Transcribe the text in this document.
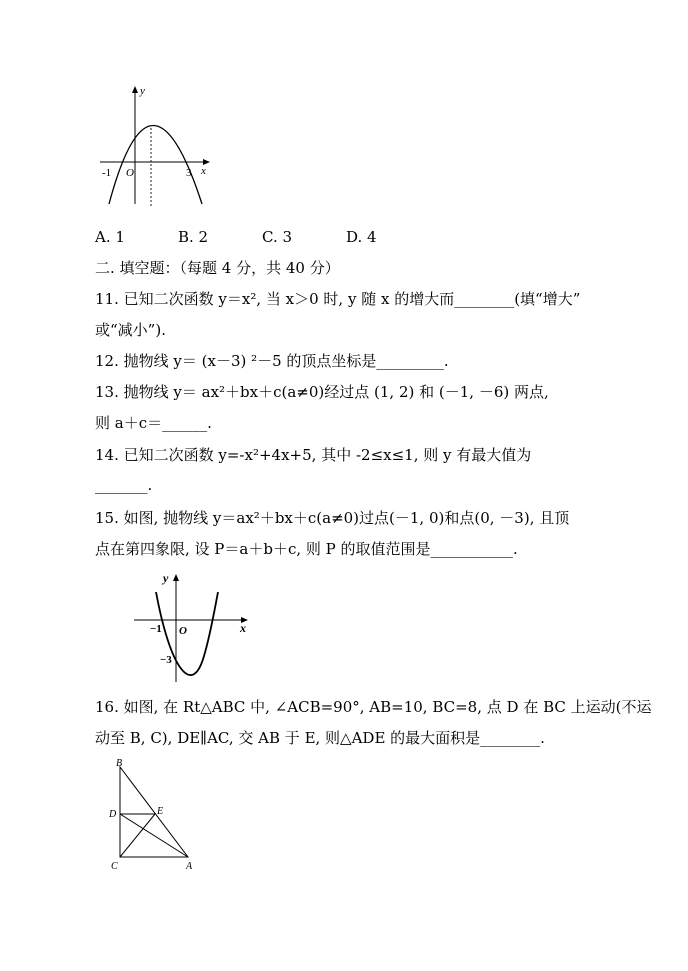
y
x
O
-1	3
A. 1	B. 2	C. 3	D. 4
二. 填空题：（每题 4 分，共 40 分）
11. 已知二次函数 y＝x², 当 x＞0 时, y 随 x 的增大而________(填“增大”
或“减小”).
12. 抛物线 y＝ (x－3) ²－5 的顶点坐标是_________.
13. 抛物线 y＝ ax²＋bx＋c(a≠0)经过点 (1, 2) 和 (－1, －6) 两点,
则 a＋c＝______.
14. 已知二次函数 y=-x²+4x+5, 其中 -2≤x≤1, 则 y 有最大值为
_______.
15. 如图, 抛物线 y＝ax²＋bx＋c(a≠0)过点(－1, 0)和点(0, －3), 且顶
点在第四象限, 设 P＝a＋b＋c, 则 P 的取值范围是___________.
y
x
O
−1
−3
16. 如图, 在 Rt△ABC 中, ∠ACB=90°, AB=10, BC=8, 点 D 在 BC 上运动(不运
动至 B, C), DE∥AC, 交 AB 于 E, 则△ADE 的最大面积是________.
B
D	E
C	A
